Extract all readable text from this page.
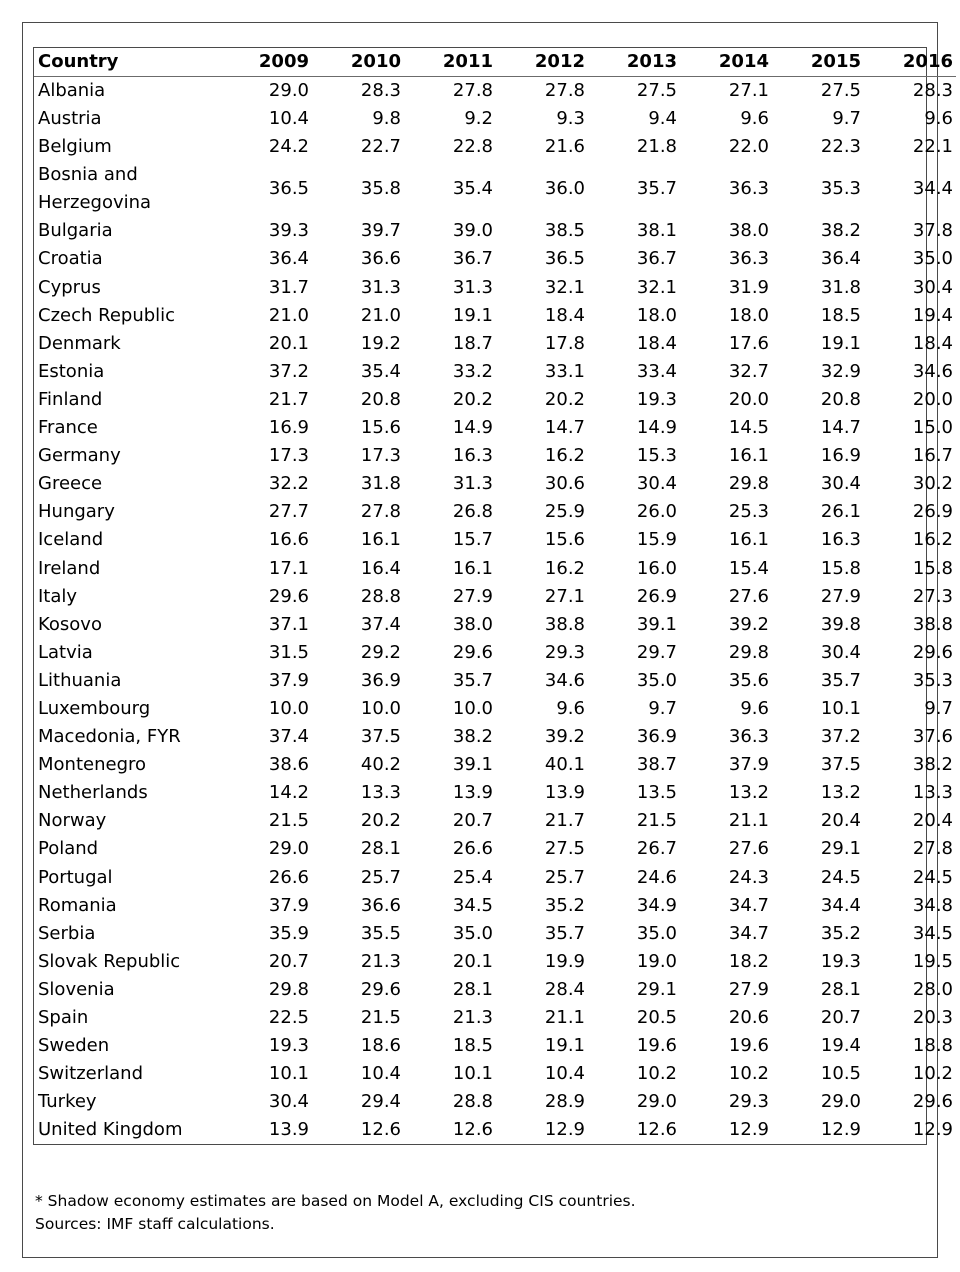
Country	2009	2010	2011	2012	2013	2014	2015	2016
Albania	29.0	28.3	27.8	27.8	27.5	27.1	27.5	28.3
Austria	10.4	9.8	9.2	9.3	9.4	9.6	9.7	9.6
Belgium	24.2	22.7	22.8	21.6	21.8	22.0	22.3	22.1
Bosnia and Herzegovina	36.5	35.8	35.4	36.0	35.7	36.3	35.3	34.4
Bulgaria	39.3	39.7	39.0	38.5	38.1	38.0	38.2	37.8
Croatia	36.4	36.6	36.7	36.5	36.7	36.3	36.4	35.0
Cyprus	31.7	31.3	31.3	32.1	32.1	31.9	31.8	30.4
Czech Republic	21.0	21.0	19.1	18.4	18.0	18.0	18.5	19.4
Denmark	20.1	19.2	18.7	17.8	18.4	17.6	19.1	18.4
Estonia	37.2	35.4	33.2	33.1	33.4	32.7	32.9	34.6
Finland	21.7	20.8	20.2	20.2	19.3	20.0	20.8	20.0
France	16.9	15.6	14.9	14.7	14.9	14.5	14.7	15.0
Germany	17.3	17.3	16.3	16.2	15.3	16.1	16.9	16.7
Greece	32.2	31.8	31.3	30.6	30.4	29.8	30.4	30.2
Hungary	27.7	27.8	26.8	25.9	26.0	25.3	26.1	26.9
Iceland	16.6	16.1	15.7	15.6	15.9	16.1	16.3	16.2
Ireland	17.1	16.4	16.1	16.2	16.0	15.4	15.8	15.8
Italy	29.6	28.8	27.9	27.1	26.9	27.6	27.9	27.3
Kosovo	37.1	37.4	38.0	38.8	39.1	39.2	39.8	38.8
Latvia	31.5	29.2	29.6	29.3	29.7	29.8	30.4	29.6
Lithuania	37.9	36.9	35.7	34.6	35.0	35.6	35.7	35.3
Luxembourg	10.0	10.0	10.0	9.6	9.7	9.6	10.1	9.7
Macedonia, FYR	37.4	37.5	38.2	39.2	36.9	36.3	37.2	37.6
Montenegro	38.6	40.2	39.1	40.1	38.7	37.9	37.5	38.2
Netherlands	14.2	13.3	13.9	13.9	13.5	13.2	13.2	13.3
Norway	21.5	20.2	20.7	21.7	21.5	21.1	20.4	20.4
Poland	29.0	28.1	26.6	27.5	26.7	27.6	29.1	27.8
Portugal	26.6	25.7	25.4	25.7	24.6	24.3	24.5	24.5
Romania	37.9	36.6	34.5	35.2	34.9	34.7	34.4	34.8
Serbia	35.9	35.5	35.0	35.7	35.0	34.7	35.2	34.5
Slovak Republic	20.7	21.3	20.1	19.9	19.0	18.2	19.3	19.5
Slovenia	29.8	29.6	28.1	28.4	29.1	27.9	28.1	28.0
Spain	22.5	21.5	21.3	21.1	20.5	20.6	20.7	20.3
Sweden	19.3	18.6	18.5	19.1	19.6	19.6	19.4	18.8
Switzerland	10.1	10.4	10.1	10.4	10.2	10.2	10.5	10.2
Turkey	30.4	29.4	28.8	28.9	29.0	29.3	29.0	29.6
United Kingdom	13.9	12.6	12.6	12.9	12.6	12.9	12.9	12.9
* Shadow economy estimates are based on Model A, excluding CIS countries.
Sources: IMF staff calculations.
